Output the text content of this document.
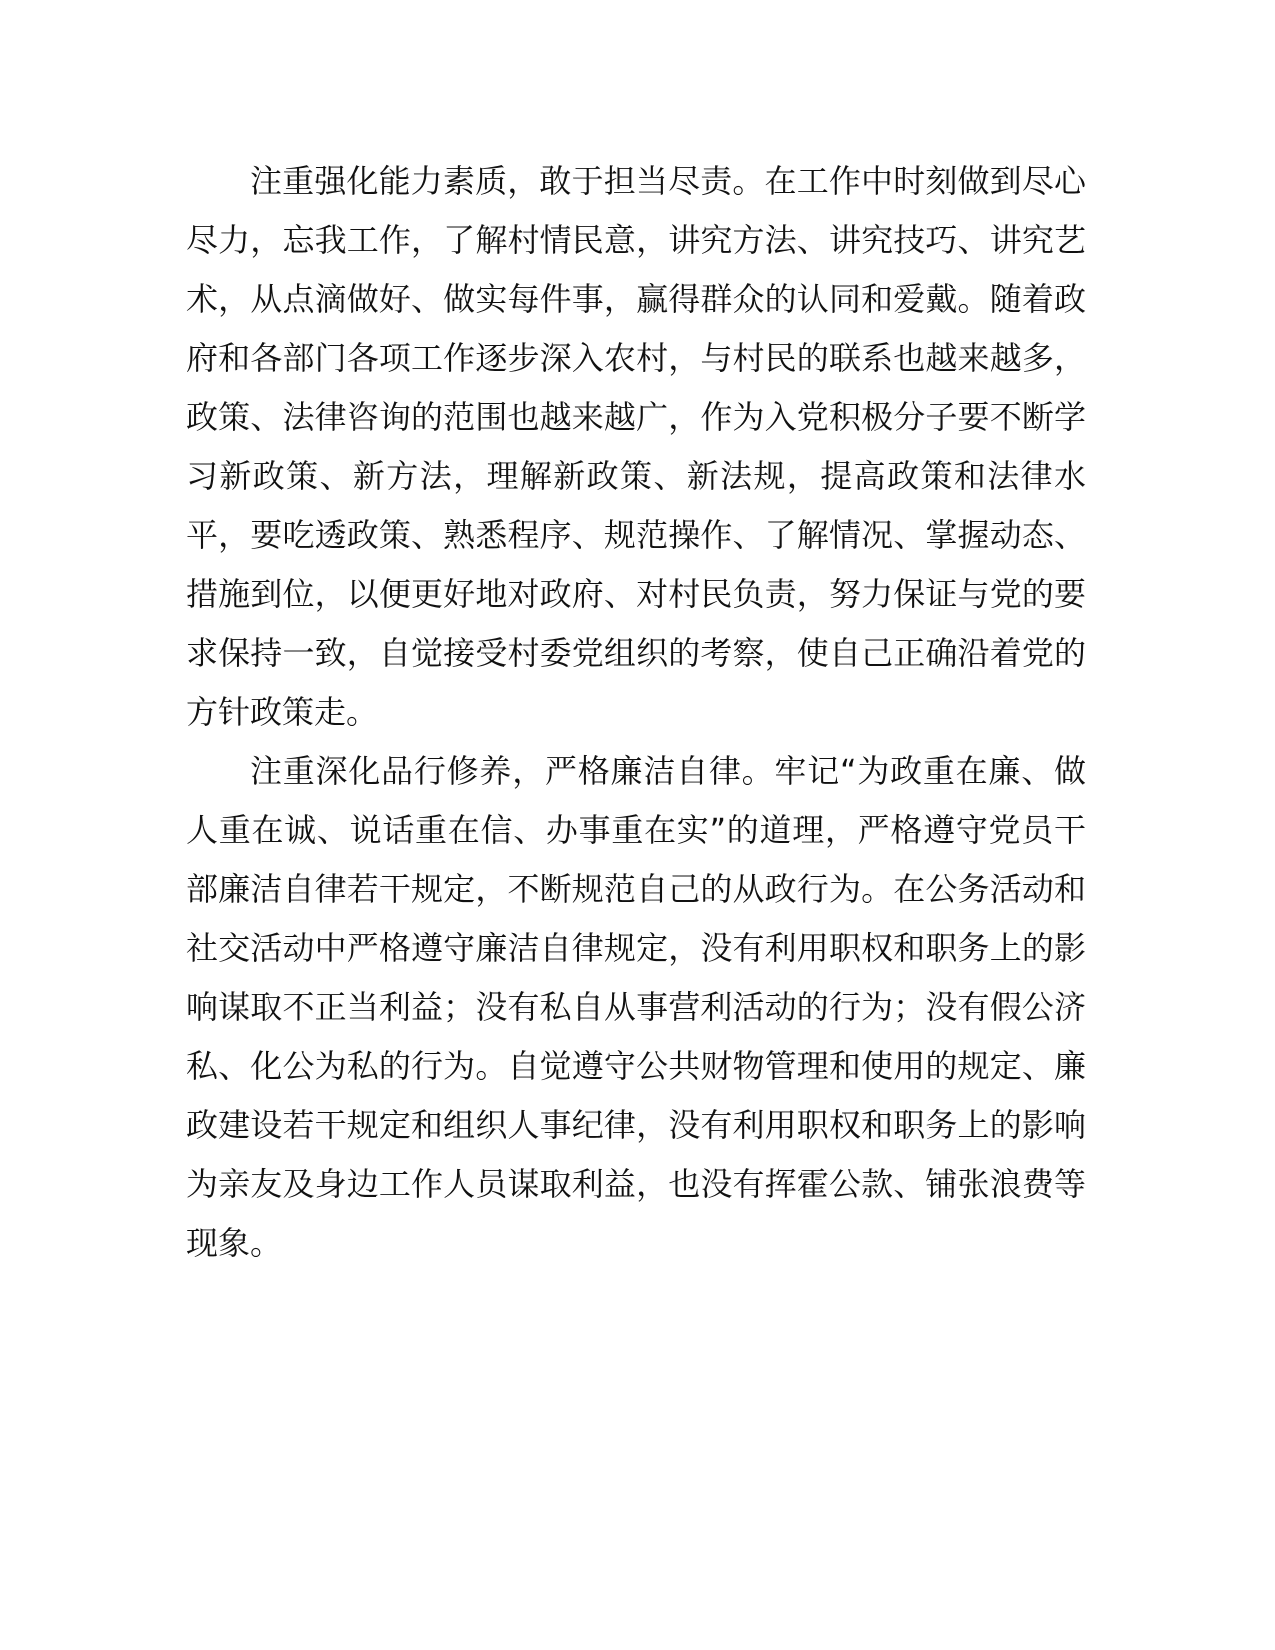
注重强化能力素质，敢于担当尽责。在工作中时刻做到尽心尽力，忘我工作，了解村情民意，讲究方法、讲究技巧、讲究艺术，从点滴做好、做实每件事，赢得群众的认同和爱戴。随着政府和各部门各项工作逐步深入农村，与村民的联系也越来越多，政策、法律咨询的范围也越来越广，作为入党积极分子要不断学习新政策、新方法，理解新政策、新法规，提高政策和法律水平，要吃透政策、熟悉程序、规范操作、了解情况、掌握动态、措施到位，以便更好地对政府、对村民负责，努力保证与党的要求保持一致，自觉接受村委党组织的考察，使自己正确沿着党的方针政策走。

注重深化品行修养，严格廉洁自律。牢记“为政重在廉、做人重在诚、说话重在信、办事重在实”的道理，严格遵守党员干部廉洁自律若干规定，不断规范自己的从政行为。在公务活动和社交活动中严格遵守廉洁自律规定，没有利用职权和职务上的影响谋取不正当利益；没有私自从事营利活动的行为；没有假公济私、化公为私的行为。自觉遵守公共财物管理和使用的规定、廉政建设若干规定和组织人事纪律，没有利用职权和职务上的影响为亲友及身边工作人员谋取利益，也没有挥霍公款、铺张浪费等现象。
